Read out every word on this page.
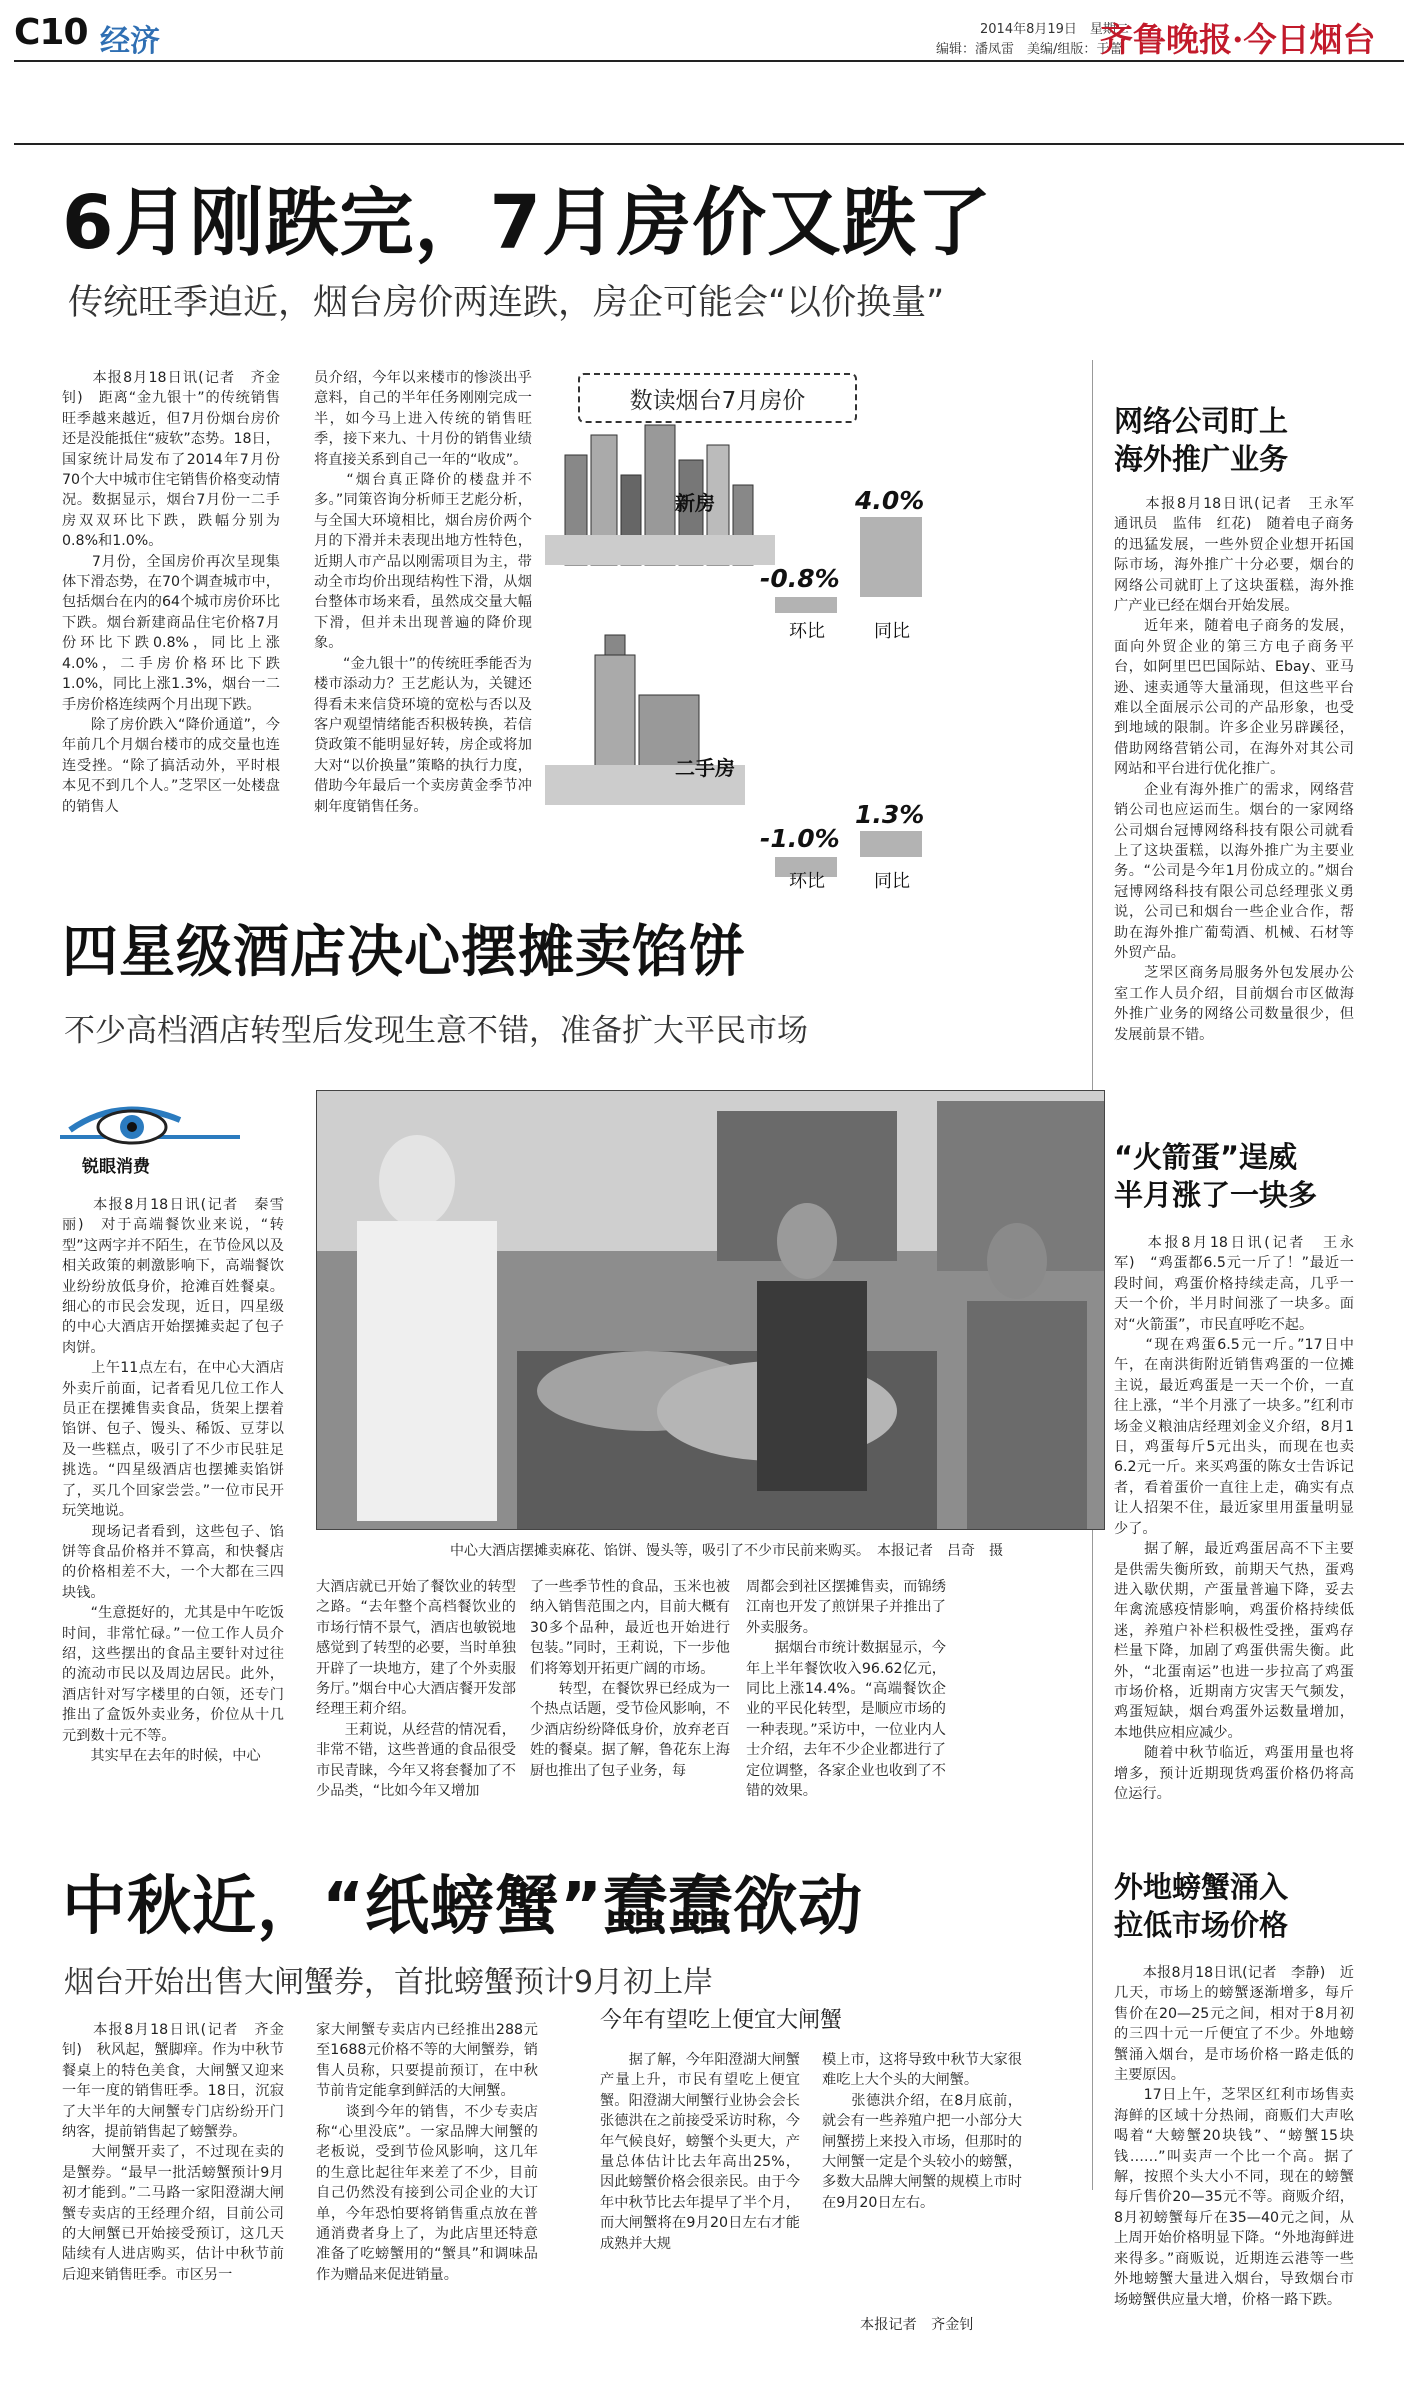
C10 经济	2014年8月19日　星期二
编辑：潘凤雷　美编/组版：于蕾
齐鲁晚报·今日烟台
6月刚跌完，7月房价又跌了
传统旺季迫近，烟台房价两连跌，房企可能会“以价换量”

　　本报8月18日讯(记者　齐金钊)　距离“金九银十”的传统销售旺季越来越近，但7月份烟台房价还是没能抵住“疲软”态势。18日，国家统计局发布了2014年7月份70个大中城市住宅销售价格变动情况。数据显示，烟台7月份一二手房双双环比下跌，跌幅分别为0.8%和1.0%。
　　7月份，全国房价再次呈现集体下滑态势，在70个调查城市中，包括烟台在内的64个城市房价环比下跌。烟台新建商品住宅价格7月份环比下跌0.8%，同比上涨4.0%，二手房价格环比下跌1.0%，同比上涨1.3%，烟台一二手房价格连续两个月出现下跌。
　　除了房价跌入“降价通道”，今年前几个月烟台楼市的成交量也连连受挫。“除了搞活动外，平时根本见不到几个人。”芝罘区一处楼盘的销售人

员介绍，今年以来楼市的惨淡出乎意料，自己的半年任务刚刚完成一半，如今马上进入传统的销售旺季，接下来九、十月份的销售业绩将直接关系到自己一年的“收成”。
　　“烟台真正降价的楼盘并不多。”同策咨询分析师王艺彪分析，与全国大环境相比，烟台房价两个月的下滑并未表现出地方性特色，近期人市产品以刚需项目为主，带动全市均价出现结构性下滑，从烟台整体市场来看，虽然成交量大幅下滑，但并未出现普遍的降价现象。
　　“金九银十”的传统旺季能否为楼市添动力？王艺彪认为，关键还得看未来信贷环境的宽松与否以及客户观望情绪能否积极转换，若信贷政策不能明显好转，房企或将加大对“以价换量”策略的执行力度，借助今年最后一个卖房黄金季节冲刺年度销售任务。

新房
-0.8%
环比
4.0%
同比
二手房
-1.0%
环比
1.3%
同比
数读烟台7月房价
网络公司盯上
海外推广业务

　　本报8月18日讯(记者　王永军　通讯员　监伟　红花)　随着电子商务的迅猛发展，一些外贸企业想开拓国际市场，海外推广十分必要，烟台的网络公司就盯上了这块蛋糕，海外推广产业已经在烟台开始发展。
　　近年来，随着电子商务的发展，面向外贸企业的第三方电子商务平台，如阿里巴巴国际站、Ebay、亚马逊、速卖通等大量涌现，但这些平台难以全面展示公司的产品形象，也受到地域的限制。许多企业另辟蹊径，借助网络营销公司，在海外对其公司网站和平台进行优化推广。
　　企业有海外推广的需求，网络营销公司也应运而生。烟台的一家网络公司烟台冠博网络科技有限公司就看上了这块蛋糕，以海外推广为主要业务。“公司是今年1月份成立的。”烟台冠博网络科技有限公司总经理张义勇说，公司已和烟台一些企业合作，帮助在海外推广葡萄酒、机械、石材等外贸产品。
　　芝罘区商务局服务外包发展办公室工作人员介绍，目前烟台市区做海外推广业务的网络公司数量很少，但发展前景不错。

四星级酒店决心摆摊卖馅饼
不少高档酒店转型后发现生意不错，准备扩大平民市场
锐眼消费

　　本报8月18日讯(记者　秦雪丽)　对于高端餐饮业来说，“转型”这两字并不陌生，在节俭风以及相关政策的刺激影响下，高端餐饮业纷纷放低身价，抢滩百姓餐桌。细心的市民会发现，近日，四星级的中心大酒店开始摆摊卖起了包子肉饼。
　　上午11点左右，在中心大酒店外卖斤前面，记者看见几位工作人员正在摆摊售卖食品，货架上摆着馅饼、包子、馒头、稀饭、豆芽以及一些糕点，吸引了不少市民驻足挑选。“四星级酒店也摆摊卖馅饼了，买几个回家尝尝。”一位市民开玩笑地说。
　　现场记者看到，这些包子、馅饼等食品价格并不算高，和快餐店的价格相差不大，一个大都在三四块钱。
　　“生意挺好的，尤其是中午吃饭时间，非常忙碌。”一位工作人员介绍，这些摆出的食品主要针对过往的流动市民以及周边居民。此外，酒店针对写字楼里的白领，还专门推出了盒饭外卖业务，价位从十几元到数十元不等。
　　其实早在去年的时候，中心

中心大酒店摆摊卖麻花、馅饼、馒头等，吸引了不少市民前来购买。　本报记者　吕奇　摄

大酒店就已开始了餐饮业的转型之路。“去年整个高档餐饮业的市场行情不景气，酒店也敏锐地感觉到了转型的必要，当时单独开辟了一块地方，建了个外卖服务厅。”烟台中心大酒店餐开发部经理王莉介绍。
　　王莉说，从经营的情况看，非常不错，这些普通的食品很受市民青睐，今年又将套餐加了不少品类，“比如今年又增加

了一些季节性的食品，玉米也被纳入销售范围之内，目前大概有30多个品种，最近也开始进行包装。”同时，王莉说，下一步他们将筹划开拓更广阔的市场。
　　转型，在餐饮界已经成为一个热点话题，受节俭风影响，不少酒店纷纷降低身价，放弃老百姓的餐桌。据了解，鲁花东上海厨也推出了包子业务，每

周都会到社区摆摊售卖，而锦绣江南也开发了煎饼果子并推出了外卖服务。
　　据烟台市统计数据显示，今年上半年餐饮收入96.62亿元，同比上涨14.4%。“高端餐饮企业的平民化转型，是顺应市场的一种表现。”采访中，一位业内人士介绍，去年不少企业都进行了定位调整，各家企业也收到了不错的效果。

“火箭蛋”逞威
半月涨了一块多

　　本报8月18日讯(记者　王永军)　“鸡蛋都6.5元一斤了！”最近一段时间，鸡蛋价格持续走高，几乎一天一个价，半月时间涨了一块多。面对“火箭蛋”，市民直呼吃不起。
　　“现在鸡蛋6.5元一斤。”17日中午，在南洪街附近销售鸡蛋的一位摊主说，最近鸡蛋是一天一个价，一直往上涨，“半个月涨了一块多。”红利市场金义粮油店经理刘金义介绍，8月1日，鸡蛋每斤5元出头，而现在也卖6.2元一斤。来买鸡蛋的陈女士告诉记者，看着蛋价一直往上走，确实有点让人招架不住，最近家里用蛋量明显少了。
　　据了解，最近鸡蛋居高不下主要是供需失衡所致，前期天气热，蛋鸡进入歇伏期，产蛋量普遍下降，妥去年禽流感疫情影响，鸡蛋价格持续低迷，养殖户补栏积极性受挫，蛋鸡存栏量下降，加剧了鸡蛋供需失衡。此外，“北蛋南运”也进一步拉高了鸡蛋市场价格，近期南方灾害天气频发，鸡蛋短缺，烟台鸡蛋外运数量增加，本地供应相应减少。
　　随着中秋节临近，鸡蛋用量也将增多，预计近期现货鸡蛋价格仍将高位运行。

中秋近，“纸螃蟹”蠢蠢欲动
烟台开始出售大闸蟹券，首批螃蟹预计9月初上岸

　　本报8月18日讯(记者　齐金钊)　秋风起，蟹脚痒。作为中秋节餐桌上的特色美食，大闸蟹又迎来一年一度的销售旺季。18日，沉寂了大半年的大闸蟹专门店纷纷开门纳客，提前销售起了螃蟹券。
　　大闸蟹开卖了，不过现在卖的是蟹券。“最早一批活螃蟹预计9月初才能到。”二马路一家阳澄湖大闸蟹专卖店的王经理介绍，目前公司的大闸蟹已开始接受预订，这几天陆续有人进店购买，估计中秋节前后迎来销售旺季。市区另一

家大闸蟹专卖店内已经推出288元至1688元价格不等的大闸蟹券，销售人员称，只要提前预订，在中秋节前肯定能拿到鲜活的大闸蟹。
　　谈到今年的销售，不少专卖店称“心里没底”。一家品牌大闸蟹的老板说，受到节俭风影响，这几年的生意比起往年来差了不少，目前自己仍然没有接到公司企业的大订单，今年恐怕要将销售重点放在普通消费者身上了，为此店里还特意准备了吃螃蟹用的“蟹具”和调味品作为赠品来促进销量。

今年有望吃上便宜大闸蟹

　　据了解，今年阳澄湖大闸蟹产量上升，市民有望吃上便宜蟹。阳澄湖大闸蟹行业协会会长张德洪在之前接受采访时称，今年气候良好，螃蟹个头更大，产量总体估计比去年高出25%，因此螃蟹价格会很亲民。由于今年中秋节比去年提早了半个月，而大闸蟹将在9月20日左右才能成熟并大规

模上市，这将导致中秋节大家很难吃上大个头的大闸蟹。
　　张德洪介绍，在8月底前，就会有一些养殖户把一小部分大闸蟹捞上来投入市场，但那时的大闸蟹一定是个头较小的螃蟹，多数大品牌大闸蟹的规模上市时在9月20日左右。

本报记者　齐金钊
外地螃蟹涌入
拉低市场价格

　　本报8月18日讯(记者　李静)　近几天，市场上的螃蟹逐渐增多，每斤售价在20—25元之间，相对于8月初的三四十元一斤便宜了不少。外地螃蟹涌入烟台，是市场价格一路走低的主要原因。
　　17日上午，芝罘区红利市场售卖海鲜的区域十分热闹，商贩们大声吆喝着“大螃蟹20块钱”、“螃蟹15块钱……”叫卖声一个比一个高。据了解，按照个头大小不同，现在的螃蟹每斤售价20—35元不等。商贩介绍，8月初螃蟹每斤在35—40元之间，从上周开始价格明显下降。“外地海鲜进来得多。”商贩说，近期连云港等一些外地螃蟹大量进入烟台，导致烟台市场螃蟹供应量大增，价格一路下跌。
